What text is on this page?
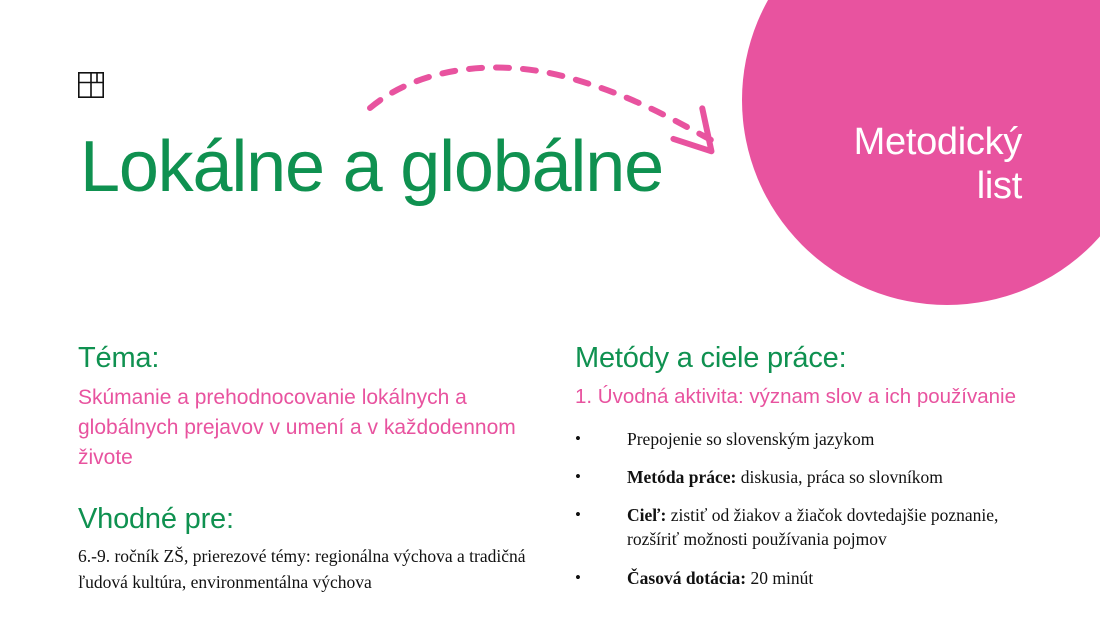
Metodický
list
Lokálne a globálne
Téma:

Skúmanie a prehodnocovanie lokálnych a globálnych prejavov v umení a v každodennom živote

Vhodné pre:

6.-9. ročník ZŠ, prierezové témy: regionálna výchova a tradičná ľudová kultúra, environmentálna výchova

Metódy a ciele práce:

1. Úvodná aktivita: význam slov a ich používanie

•	Prepojenie so slovenským jazykom
•	Metóda práce: diskusia, práca so slovníkom
•	Cieľ: zistiť od žiakov a žiačok dovtedajšie poznanie, rozšíriť možnosti používania pojmov
•	Časová dotácia: 20 minút
